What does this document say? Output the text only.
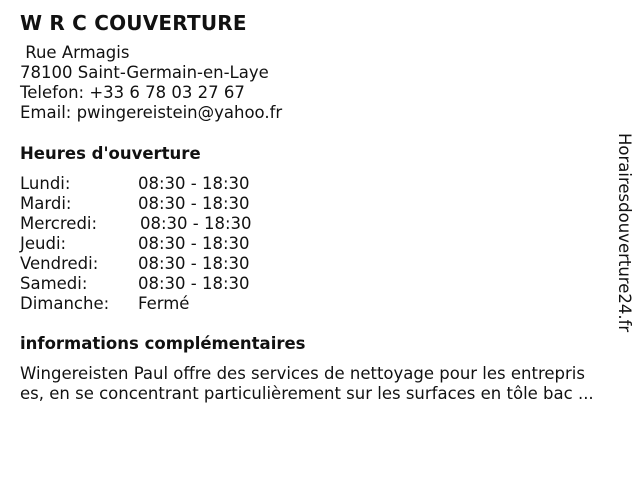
W R C COUVERTURE
Rue Armagis
78100 Saint-Germain-en-Laye
Telefon: +33 6 78 03 27 67
Email: pwingereistein@yahoo.fr
Heures d'ouverture
Lundi:	08:30 - 18:30
Mardi:	08:30 - 18:30
Mercredi:	08:30 - 18:30
Jeudi:	08:30 - 18:30
Vendredi: 08:30 - 18:30
Samedi:	08:30 - 18:30
Dimanche: Fermé
informations complémentaires
Wingereisten Paul offre des services de nettoyage pour les entrepris
es, en se concentrant particulièrement sur les surfaces en tôle bac ...
Horairesdouverture24.fr
